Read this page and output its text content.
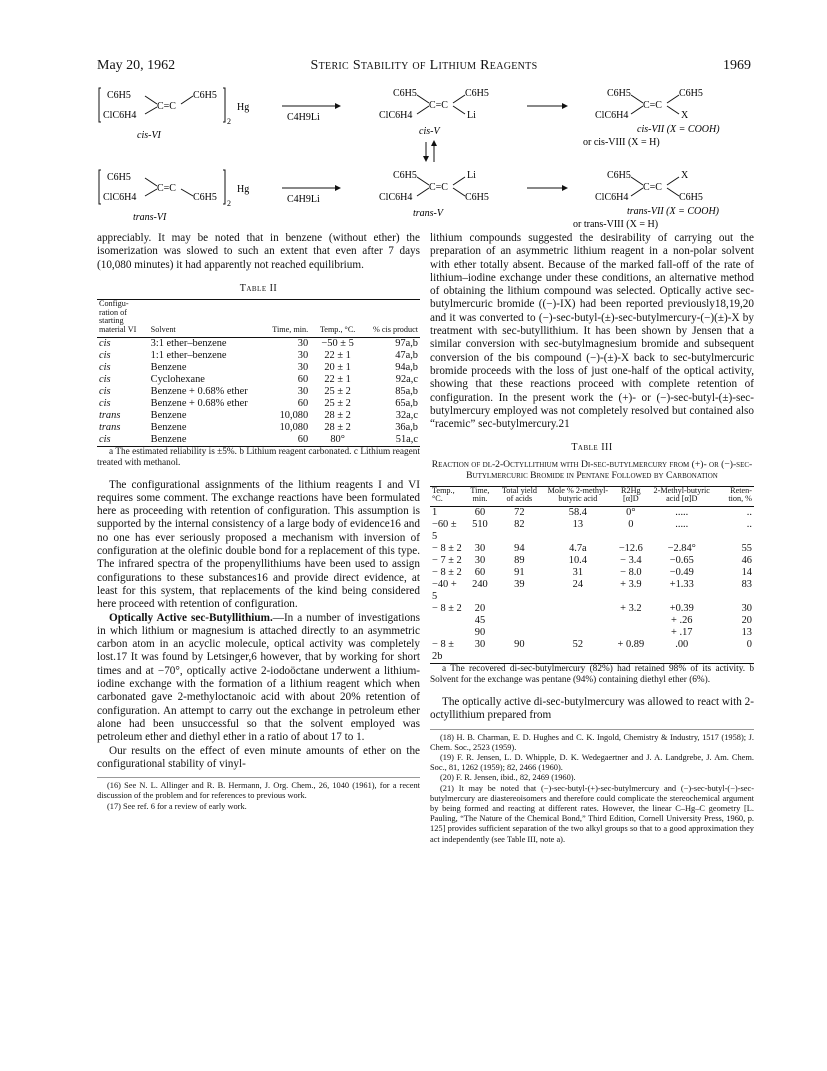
May 20, 1962	Steric Stability of Lithium Reagents	1969
C6H5
ClC6H4
C=C
C6H5
2
Hg
cis-VI
C4H9Li
C6H5
ClC6H4
C=C
C6H5
Li
cis-V
C6H5
ClC6H4
C=C
C6H5
X
cis-VII (X = COOH)
or cis-VIII (X = H)
C6H5
ClC6H4
C=C
C6H5
2
Hg
trans-VI
C4H9Li
C6H5
ClC6H4
C=C
Li
C6H5
trans-V
C6H5
ClC6H4
C=C
X
C6H5
trans-VII (X = COOH)
or trans-VIII (X = H)

appreciably. It may be noted that in benzene (without ether) the isomerization was slowed to such an extent that even after 7 days (10,080 minutes) it had apparently not reached equilibrium.

Table II
Configu-ration of starting material VI	Solvent	Time, min.	Temp., °C.	% cis product
cis	3:1 ether–benzene	30	−50 ± 5	97a,b
cis	1:1 ether–benzene	30	22 ± 1	47a,b
cis	Benzene	30	20 ± 1	94a,b
cis	Cyclohexane	60	22 ± 1	92a,c
cis	Benzene + 0.68% ether	30	25 ± 2	85a,b
cis	Benzene + 0.68% ether	60	25 ± 2	65a,b
trans	Benzene	10,080	28 ± 2	32a,c
trans	Benzene	10,080	28 ± 2	36a,b
cis	Benzene	60	80°	51a,c

a The estimated reliability is ±5%. b Lithium reagent carbonated. c Lithium reagent treated with methanol.

The configurational assignments of the lithium reagents I and VI requires some comment. The exchange reactions have been formulated here as proceeding with retention of configuration. This assumption is supported by the internal consistency of a large body of evidence16 and no one has ever seriously proposed a mechanism with inversion of configuration at the olefinic double bond for a replacement of this type. The infrared spectra of the propenyllithiums have been used to assign configurations to these substances16 and provide direct evidence, at least for this system, that replacements of the kind being considered here proceed with retention of configuration.

Optically Active sec-Butyllithium.—In a number of investigations in which lithium or magnesium is attached directly to an asymmetric carbon atom in an acyclic molecule, optical activity was completely lost.17 It was found by Letsinger,6 however, that by working for short times and at −70°, optically active 2-iodoöctane underwent a lithium-iodine exchange with the formation of a lithium reagent which when carbonated gave 2-methyloctanoic acid with about 20% retention of configuration. An attempt to carry out the exchange in petroleum ether alone had been unsuccessful so that the solvent employed was petroleum ether and diethyl ether in a ratio of about 17 to 1.

Our results on the effect of even minute amounts of ether on the configurational stability of vinyl-

(16) See N. L. Allinger and R. B. Hermann, J. Org. Chem., 26, 1040 (1961), for a recent discussion of the problem and for references to previous work.

(17) See ref. 6 for a review of early work.

lithium compounds suggested the desirability of carrying out the preparation of an asymmetric lithium reagent in a non-polar solvent with ether totally absent. Because of the marked fall-off of the rate of lithium–iodine exchange under these conditions, an alternative method of obtaining the lithium compound was selected. Optically active sec-butylmercuric bromide ((−)-IX) had been reported previously18,19,20 and it was converted to (−)-sec-butyl-(±)-sec-butylmercury-(−)(±)-X by treatment with sec-butyllithium. It has been shown by Jensen that a similar conversion with sec-butylmagnesium bromide and subsequent conversion of the bis compound (−)-(±)-X back to sec-butylmercuric bromide proceeds with the loss of just one-half of the optical activity, showing that these reactions proceed with complete retention of configuration. In the present work the (+)- or (−)-sec-butyl-(±)-sec-butylmercury employed was not completely resolved but contained also “racemic” sec-butylmercury.21

Table III
Reaction of dl-2-Octyllithium with Di-sec-butylmercury from (+)- or (−)-sec-Butylmercuric Bromide in Pentane Followed by Carbonation
Temp., °C.	Time, min.	Total yield of acids	Mole % 2-methyl-butyric acid	R2Hg [α]D	2-Methyl-butyric acid [α]D	Reten-tion, %
1	60	72	58.4	0°	.....	..
−60 ± 5	510	82	13	0	.....	..
− 8 ± 2	30	94	4.7a	−12.6	−2.84°	55
− 7 ± 2	30	89	10.4	− 3.4	−0.65	46
− 8 ± 2	60	91	31	− 8.0	−0.49	14
−40 + 5	240	39	24	+ 3.9	+1.33	83
− 8 ± 2	20			+ 3.2	+0.39	30
	45				+ .26	20
	90				+ .17	13
− 8 ± 2b	30	90	52	+ 0.89	.00	0

a The recovered di-sec-butylmercury (82%) had retained 98% of its activity. b Solvent for the exchange was pentane (94%) containing diethyl ether (6%).

The optically active di-sec-butylmercury was allowed to react with 2-octyllithium prepared from

(18) H. B. Charman, E. D. Hughes and C. K. Ingold, Chemistry & Industry, 1517 (1958); J. Chem. Soc., 2523 (1959).

(19) F. R. Jensen, L. D. Whipple, D. K. Wedegaertner and J. A. Landgrebe, J. Am. Chem. Soc., 81, 1262 (1959); 82, 2466 (1960).

(20) F. R. Jensen, ibid., 82, 2469 (1960).

(21) It may be noted that (−)-sec-butyl-(+)-sec-butylmercury and (−)-sec-butyl-(−)-sec-butylmercury are diastereoisomers and therefore could complicate the stereochemical argument by being formed and reacting at different rates. However, the linear C–Hg–C geometry [L. Pauling, “The Nature of the Chemical Bond,” Third Edition, Cornell University Press, 1960, p. 125] provides sufficient separation of the two alkyl groups so that to a good approximation they act independently (see Table III, note a).
